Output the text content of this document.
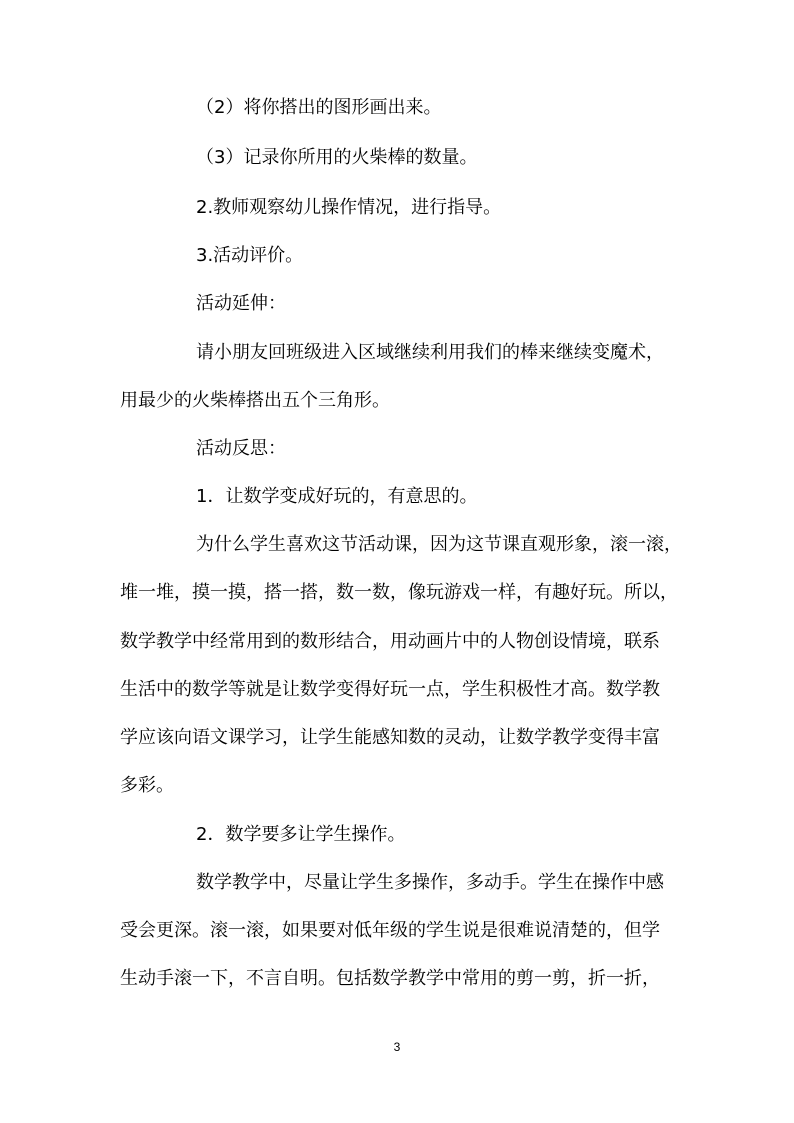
（2）将你搭出的图形画出来。
（3）记录你所用的火柴棒的数量。
2.教师观察幼儿操作情况，进行指导。
3.活动评价。
活动延伸：
请小朋友回班级进入区域继续利用我们的棒来继续变魔术，
用最少的火柴棒搭出五个三角形。
活动反思：
1．让数学变成好玩的，有意思的。
为什么学生喜欢这节活动课，因为这节课直观形象，滚一滚，
堆一堆，摸一摸，搭一搭，数一数，像玩游戏一样，有趣好玩。所以，
数学教学中经常用到的数形结合，用动画片中的人物创设情境，联系
生活中的数学等就是让数学变得好玩一点，学生积极性才高。数学教
学应该向语文课学习，让学生能感知数的灵动，让数学教学变得丰富
多彩。
2．数学要多让学生操作。
数学教学中，尽量让学生多操作，多动手。学生在操作中感
受会更深。滚一滚，如果要对低年级的学生说是很难说清楚的，但学
生动手滚一下，不言自明。包括数学教学中常用的剪一剪，折一折，
3
